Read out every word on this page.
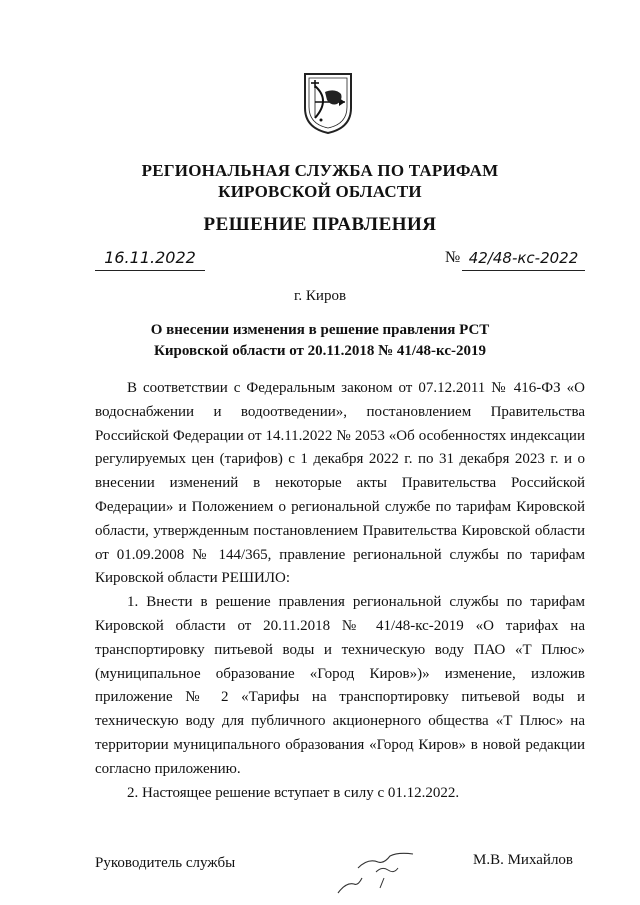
РЕГИОНАЛЬНАЯ СЛУЖБА ПО ТАРИФАМ
КИРОВСКОЙ ОБЛАСТИ
РЕШЕНИЕ ПРАВЛЕНИЯ
16.11.2022	№ 42/48-кс-2022
г. Киров
О внесении изменения в решение правления РСТ Кировской области от 20.11.2018 № 41/48-кс-2019

В соответствии с Федеральным законом от 07.12.2011 № 416-ФЗ «О водоснабжении и водоотведении», постановлением Правительства Российской Федерации от 14.11.2022 № 2053 «Об особенностях индексации регулируемых цен (тарифов) с 1 декабря 2022 г. по 31 декабря 2023 г. и о внесении изменений в некоторые акты Правительства Российской Федерации» и Положением о региональной службе по тарифам Кировской области, утвержденным постановлением Правительства Кировской области от 01.09.2008 № 144/365, правление региональной службы по тарифам Кировской области РЕШИЛО:

1. Внести в решение правления региональной службы по тарифам Кировской области от 20.11.2018 № 41/48-кс-2019 «О тарифах на транспортировку питьевой воды и техническую воду ПАО «Т Плюс» (муниципальное образование «Город Киров»)» изменение, изложив приложение № 2 «Тарифы на транспортировку питьевой воды и техническую воду для публичного акционерного общества «Т Плюс» на территории муниципального образования «Город Киров» в новой редакции согласно приложению.

2. Настоящее решение вступает в силу с 01.12.2022.

Руководитель службы	М.В. Михайлов
